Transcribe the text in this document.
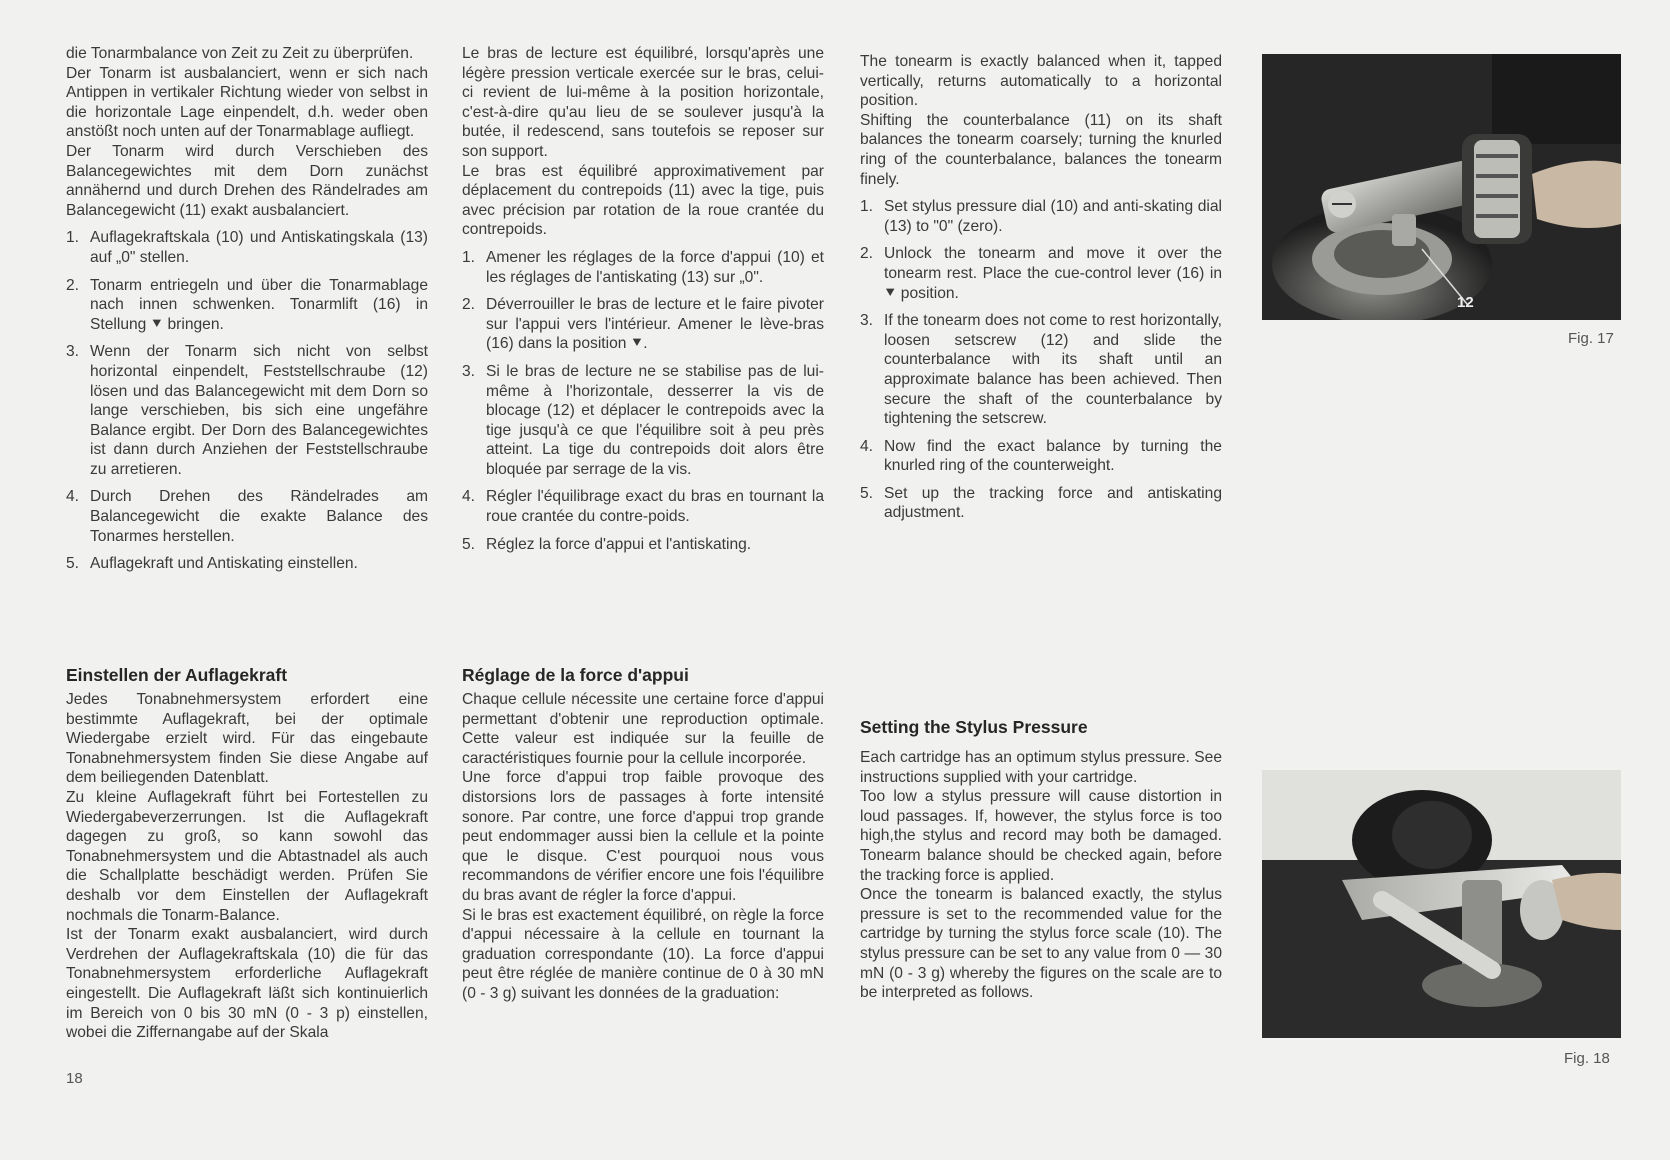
die Tonarmbalance von Zeit zu Zeit zu überprüfen.

Der Tonarm ist ausbalanciert, wenn er sich nach Antippen in vertikaler Richtung wieder von selbst in die horizontale Lage einpendelt, d.h. weder oben anstößt noch unten auf der Tonarmablage aufliegt.

Der Tonarm wird durch Verschieben des Balancegewichtes mit dem Dorn zunächst annähernd und durch Drehen des Rändelrades am Balancegewicht (11) exakt ausbalanciert.

1. Auflagekraftskala (10) und Antiskatingskala (13) auf „0" stellen.
2. Tonarm entriegeln und über die Tonarmablage nach innen schwenken. Tonarmlift (16) in Stellung ⯆ bringen.
3. Wenn der Tonarm sich nicht von selbst horizontal einpendelt, Feststellschraube (12) lösen und das Balancegewicht mit dem Dorn so lange verschieben, bis sich eine ungefähre Balance ergibt. Der Dorn des Balancegewichtes ist dann durch Anziehen der Feststellschraube zu arretieren.
4. Durch Drehen des Rändelrades am Balancegewicht die exakte Balance des Tonarmes herstellen.
5. Auflagekraft und Antiskating einstellen.
Einstellen der Auflagekraft

Jedes Tonabnehmersystem erfordert eine bestimmte Auflagekraft, bei der optimale Wiedergabe erzielt wird. Für das eingebaute Tonabnehmersystem finden Sie diese Angabe auf dem beiliegenden Datenblatt.

Zu kleine Auflagekraft führt bei Fortestellen zu Wiedergabeverzerrungen. Ist die Auflagekraft dagegen zu groß, so kann sowohl das Tonabnehmersystem und die Abtastnadel als auch die Schallplatte beschädigt werden. Prüfen Sie deshalb vor dem Einstellen der Auflagekraft nochmals die Tonarm-Balance.

Ist der Tonarm exakt ausbalanciert, wird durch Verdrehen der Auflagekraftskala (10) die für das Tonabnehmersystem erforderliche Auflagekraft eingestellt. Die Auflagekraft läßt sich kontinuierlich im Bereich von 0 bis 30 mN (0 - 3 p) einstellen, wobei die Ziffernangabe auf der Skala

Le bras de lecture est équilibré, lorsqu'après une légère pression verticale exercée sur le bras, celui-ci revient de lui-même à la position horizontale, c'est-à-dire qu'au lieu de se soulever jusqu'à la butée, il redescend, sans toutefois se reposer sur son support.

Le bras est équilibré approximativement par déplacement du contrepoids (11) avec la tige, puis avec précision par rotation de la roue crantée du contrepoids.

1. Amener les réglages de la force d'appui (10) et les réglages de l'antiskating (13) sur „0".
2. Déverrouiller le bras de lecture et le faire pivoter sur l'appui vers l'intérieur. Amener le lève-bras (16) dans la position ⯆.
3. Si le bras de lecture ne se stabilise pas de lui-même à l'horizontale, desserrer la vis de blocage (12) et déplacer le contrepoids avec la tige jusqu'à ce que l'équilibre soit à peu près atteint. La tige du contrepoids doit alors être bloquée par serrage de la vis.
4. Régler l'équilibrage exact du bras en tournant la roue crantée du contre-poids.
5. Réglez la force d'appui et l'antiskating.
Réglage de la force d'appui

Chaque cellule nécessite une certaine force d'appui permettant d'obtenir une reproduction optimale. Cette valeur est indiquée sur la feuille de caractéristiques fournie pour la cellule incorporée.

Une force d'appui trop faible provoque des distorsions lors de passages à forte intensité sonore. Par contre, une force d'appui trop grande peut endommager aussi bien la cellule et la pointe que le disque. C'est pourquoi nous vous recommandons de vérifier encore une fois l'équilibre du bras avant de régler la force d'appui.

Si le bras est exactement équilibré, on règle la force d'appui nécessaire à la cellule en tournant la graduation correspondante (10). La force d'appui peut être réglée de manière continue de 0 à 30 mN (0 - 3 g) suivant les données de la graduation:

The tonearm is exactly balanced when it, tapped vertically, returns automatically to a horizontal position.

Shifting the counterbalance (11) on its shaft balances the tonearm coarsely; turning the knurled ring of the counterbalance, balances the tonearm finely.

1. Set stylus pressure dial (10) and anti-skating dial (13) to "0" (zero).
2. Unlock the tonearm and move it over the tonearm rest. Place the cue-control lever (16) in ⯆ position.
3. If the tonearm does not come to rest horizontally, loosen setscrew (12) and slide the counterbalance with its shaft until an approximate balance has been achieved. Then secure the shaft of the counterbalance by tightening the setscrew.
4. Now find the exact balance by turning the knurled ring of the counterweight.
5. Set up the tracking force and antiskating adjustment.
Setting the Stylus Pressure

Each cartridge has an optimum stylus pressure. See instructions supplied with your cartridge.

Too low a stylus pressure will cause distortion in loud passages. If, however, the stylus force is too high,the stylus and record may both be damaged. Tonearm balance should be checked again, before the tracking force is applied.

Once the tonearm is balanced exactly, the stylus pressure is set to the recommended value for the cartridge by turning the stylus force scale (10). The stylus pressure can be set to any value from 0 — 30 mN (0 - 3 g) whereby the figures on the scale are to be interpreted as follows.

12
Fig. 17
Fig. 18
18
